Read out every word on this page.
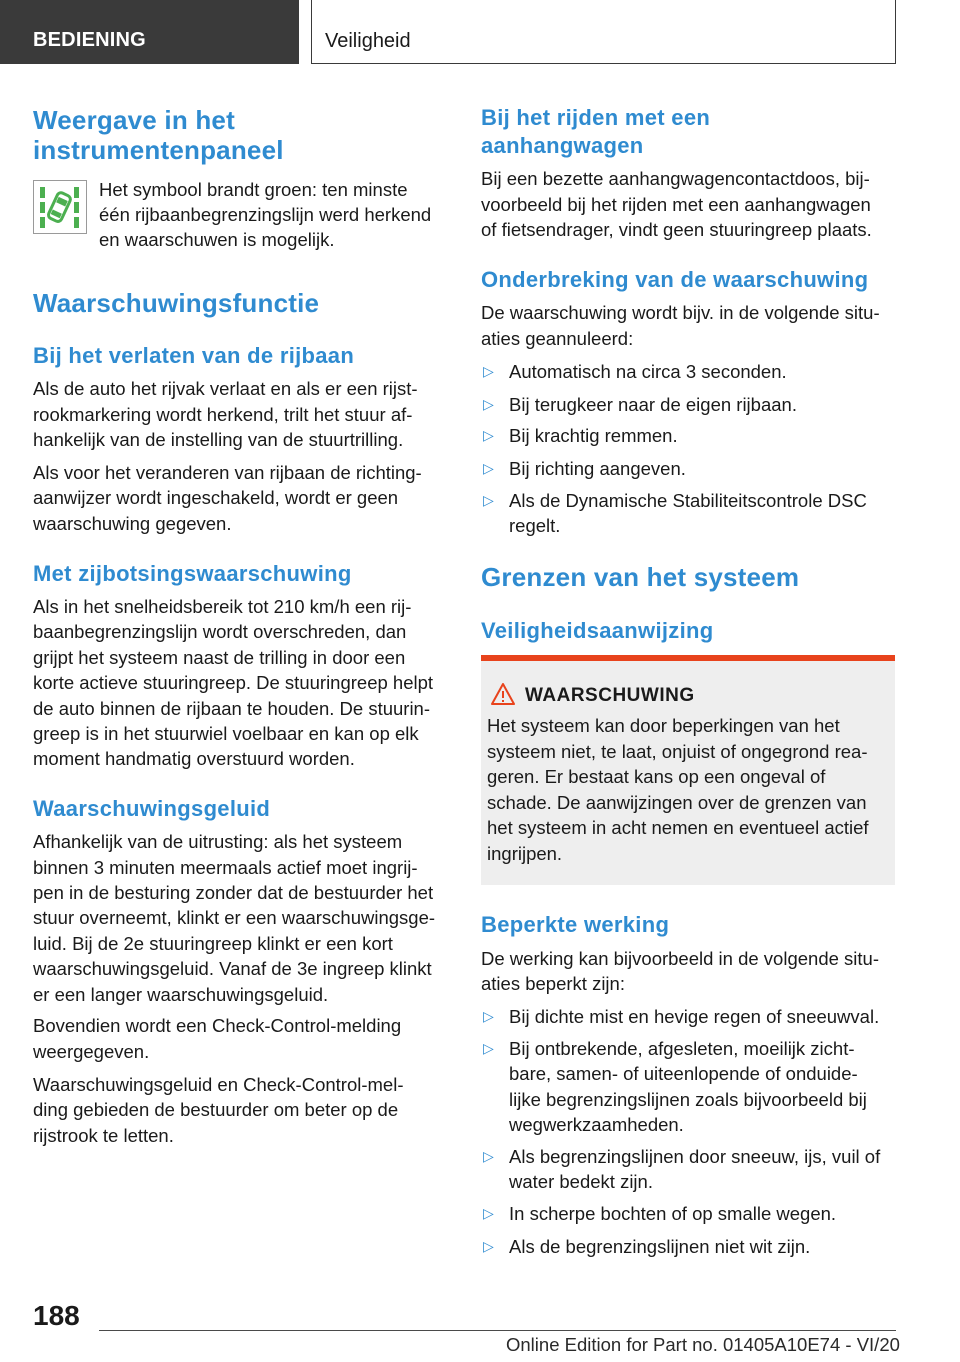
BEDIENING	Veiligheid
Weergave in het
instrumentenpaneel
Het symbool brandt groen: ten minste
één rijbaanbegrenzingslijn werd herkend
en waarschuwen is mogelijk.
Waarschuwingsfunctie
Bij het verlaten van de rijbaan
Als de auto het rijvak verlaat en als er een rijst-
rookmarkering wordt herkend, trilt het stuur af-
hankelijk van de instelling van de stuurtrilling.
Als voor het veranderen van rijbaan de richting-
aanwijzer wordt ingeschakeld, wordt er geen
waarschuwing gegeven.
Met zijbotsingswaarschuwing
Als in het snelheidsbereik tot 210 km/h een rij-
baanbegrenzingslijn wordt overschreden, dan
grijpt het systeem naast de trilling in door een
korte actieve stuuringreep. De stuuringreep helpt
de auto binnen de rijbaan te houden. De stuurin-
greep is in het stuurwiel voelbaar en kan op elk
moment handmatig overstuurd worden.
Waarschuwingsgeluid
Afhankelijk van de uitrusting: als het systeem
binnen 3 minuten meermaals actief moet ingrij-
pen in de besturing zonder dat de bestuurder het
stuur overneemt, klinkt er een waarschuwingsge-
luid. Bij de 2e stuuringreep klinkt er een kort
waarschuwingsgeluid. Vanaf de 3e ingreep klinkt
er een langer waarschuwingsgeluid.
Bovendien wordt een Check-Control-melding
weergegeven.
Waarschuwingsgeluid en Check-Control-mel-
ding gebieden de bestuurder om beter op de
rijstrook te letten.
Bij het rijden met een
aanhangwagen
Bij een bezette aanhangwagencontactdoos, bij-
voorbeeld bij het rijden met een aanhangwagen
of fietsendrager, vindt geen stuuringreep plaats.
Onderbreking van de waarschuwing
De waarschuwing wordt bijv. in de volgende situ-
aties geannuleerd:
▷ Automatisch na circa 3 seconden.
▷ Bij terugkeer naar de eigen rijbaan.
▷ Bij krachtig remmen.
▷ Bij richting aangeven.
▷ Als de Dynamische Stabiliteitscontrole DSC
regelt.
Grenzen van het systeem
Veiligheidsaanwijzing
WAARSCHUWING
Het systeem kan door beperkingen van het
systeem niet, te laat, onjuist of ongegrond rea-
geren. Er bestaat kans op een ongeval of
schade. De aanwijzingen over de grenzen van
het systeem in acht nemen en eventueel actief
ingrijpen.
Beperkte werking
De werking kan bijvoorbeeld in de volgende situ-
aties beperkt zijn:
▷ Bij dichte mist en hevige regen of sneeuwval.
▷ Bij ontbrekende, afgesleten, moeilijk zicht-
bare, samen- of uiteenlopende of onduide-
lijke begrenzingslijnen zoals bijvoorbeeld bij
wegwerkzaamheden.
▷ Als begrenzingslijnen door sneeuw, ijs, vuil of
water bedekt zijn.
▷ In scherpe bochten of op smalle wegen.
▷ Als de begrenzingslijnen niet wit zijn.
188
Online Edition for Part no. 01405A10E74 - VI/20
